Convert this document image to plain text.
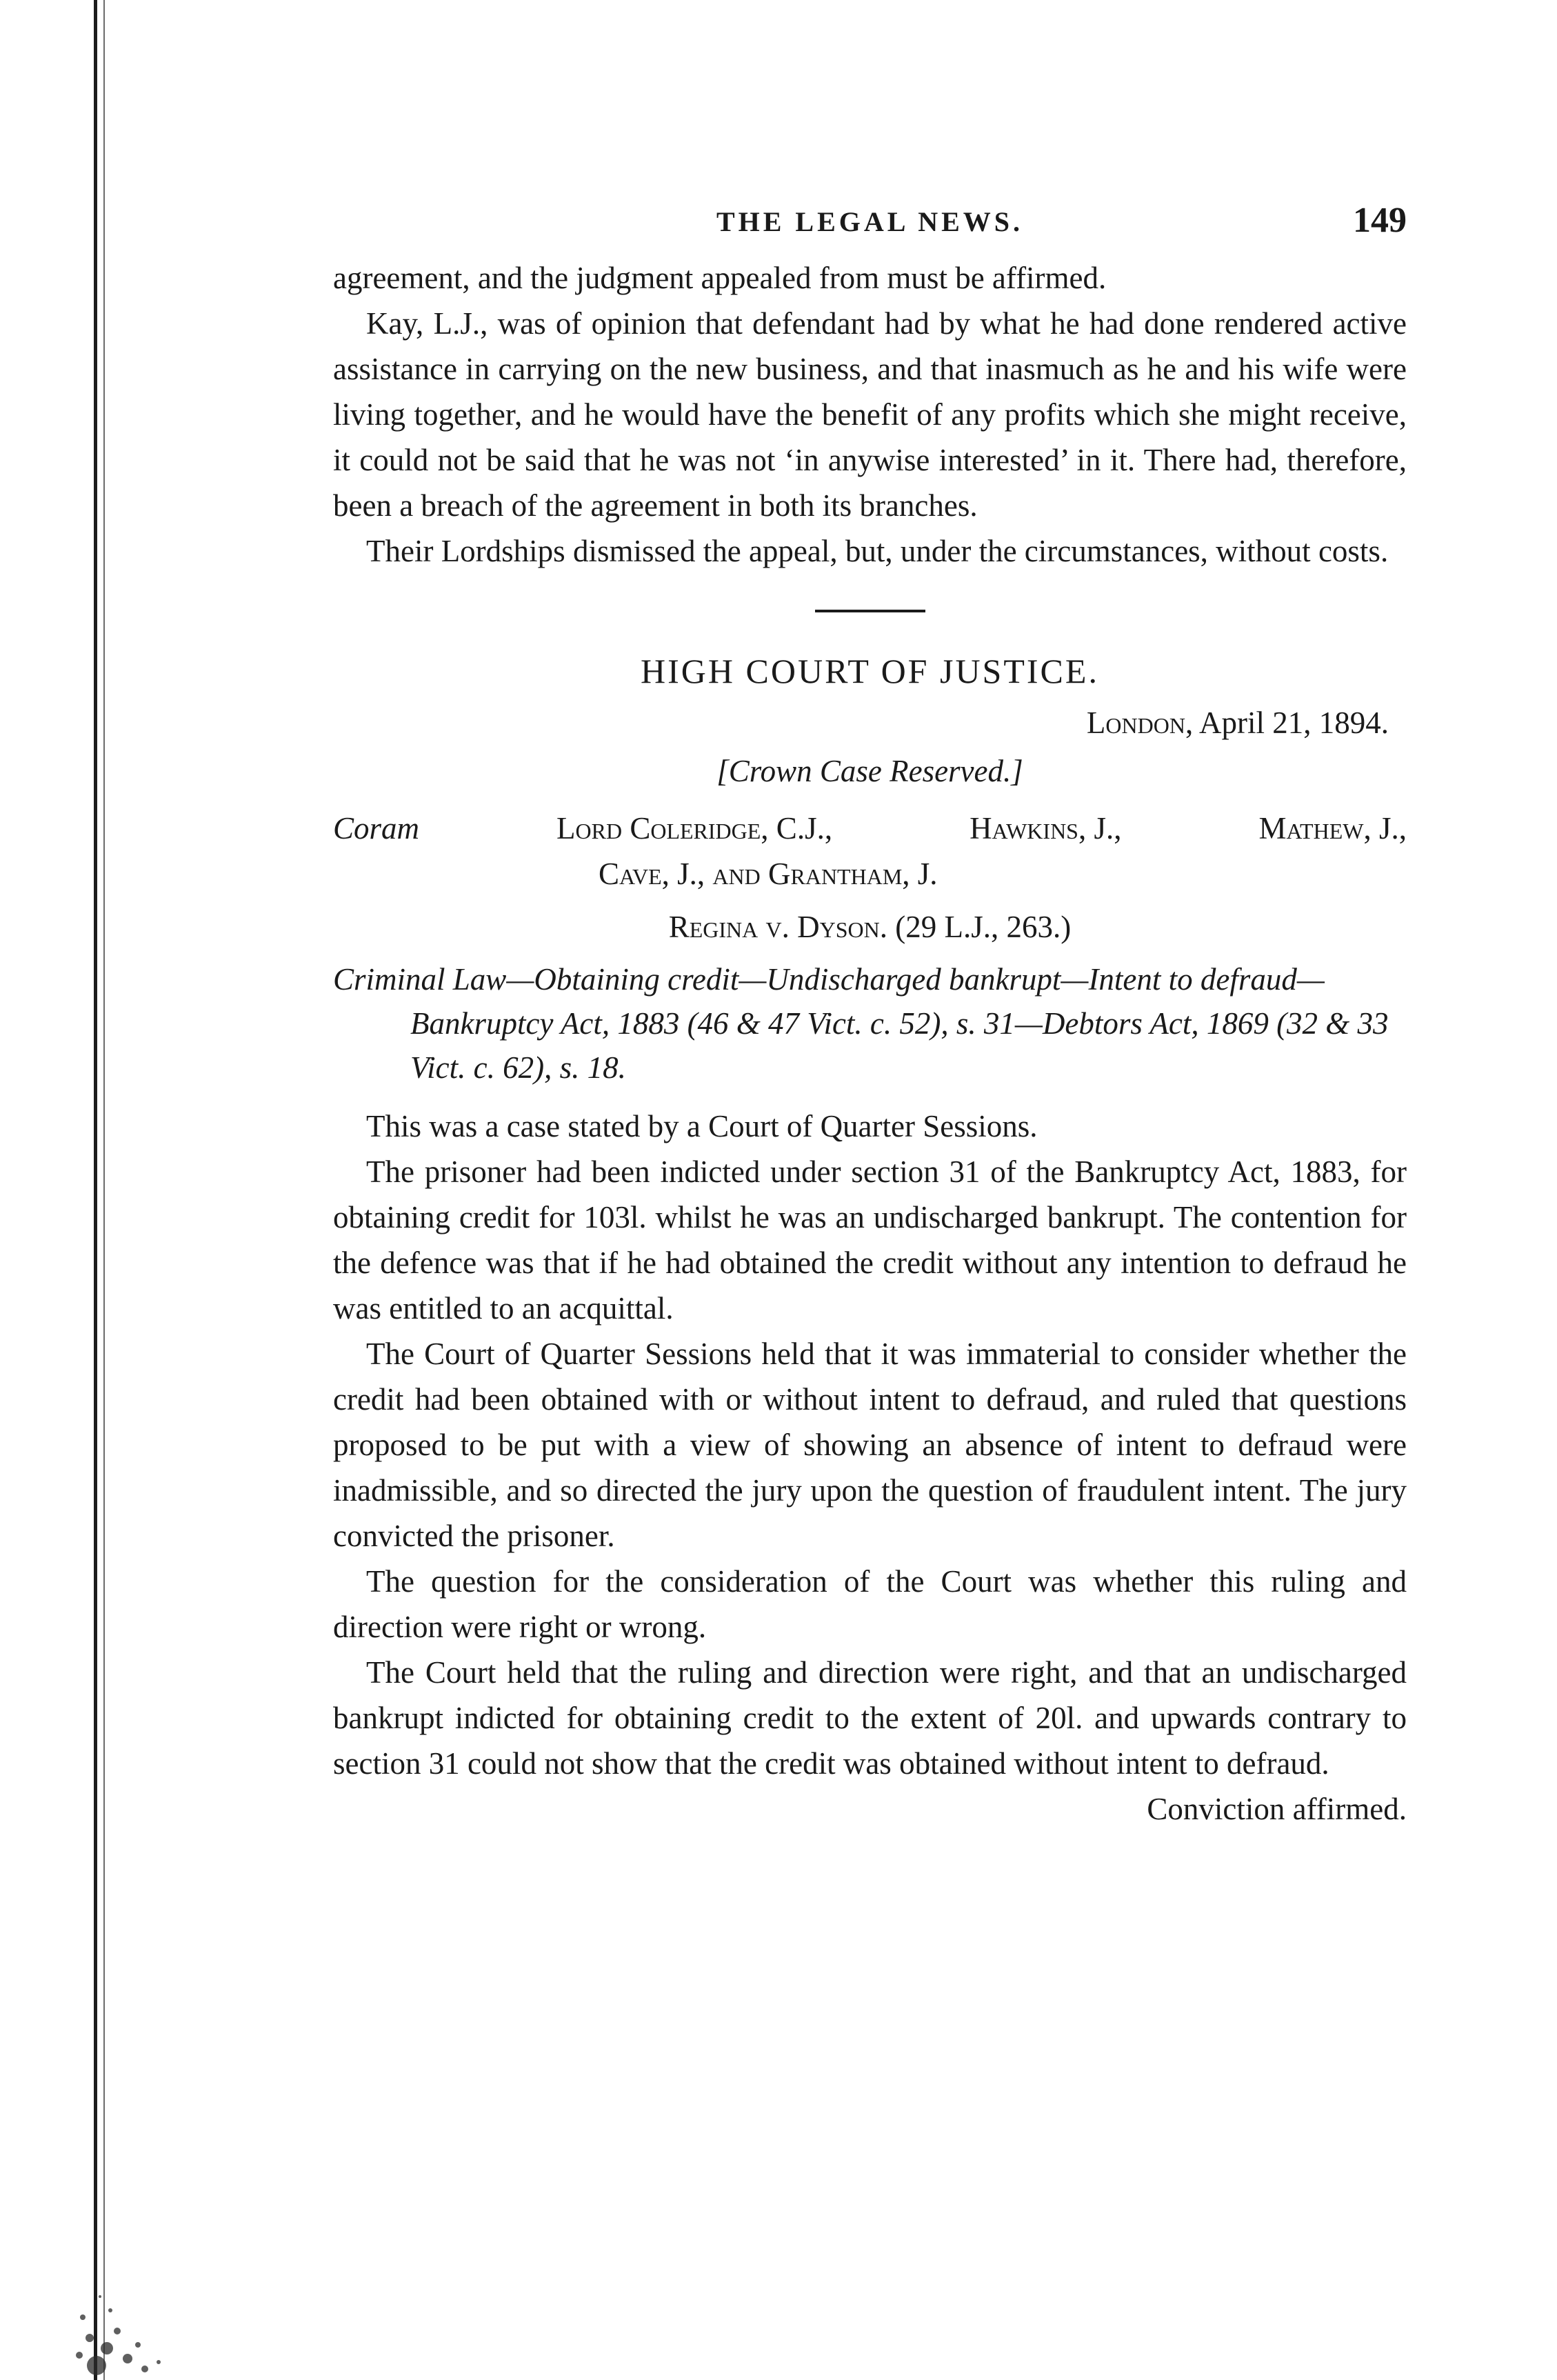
THE LEGAL NEWS.	149

agreement, and the judgment appealed from must be affirmed.

Kay, L.J., was of opinion that defendant had by what he had done rendered active assistance in carrying on the new business, and that inasmuch as he and his wife were living together, and he would have the benefit of any profits which she might receive, it could not be said that he was not ‘in anywise interested’ in it. There had, therefore, been a breach of the agreement in both its branches.

Their Lordships dismissed the appeal, but, under the circumstances, without costs.

HIGH COURT OF JUSTICE.
London, April 21, 1894.
[Crown Case Reserved.]
Coram	Lord Coleridge, C.J.,	Hawkins, J.,	Mathew, J.,
Cave, J., and Grantham, J.
Regina v. Dyson. (29 L.J., 263.)
Criminal Law—Obtaining credit—Undischarged bankrupt—Intent to defraud—Bankruptcy Act, 1883 (46 & 47 Vict. c. 52), s. 31—Debtors Act, 1869 (32 & 33 Vict. c. 62), s. 18.

This was a case stated by a Court of Quarter Sessions.

The prisoner had been indicted under section 31 of the Bankruptcy Act, 1883, for obtaining credit for 103l. whilst he was an undischarged bankrupt. The contention for the defence was that if he had obtained the credit without any intention to defraud he was entitled to an acquittal.

The Court of Quarter Sessions held that it was immaterial to consider whether the credit had been obtained with or without intent to defraud, and ruled that questions proposed to be put with a view of showing an absence of intent to defraud were inadmissible, and so directed the jury upon the question of fraudulent intent. The jury convicted the prisoner.

The question for the consideration of the Court was whether this ruling and direction were right or wrong.

The Court held that the ruling and direction were right, and that an undischarged bankrupt indicted for obtaining credit to the extent of 20l. and upwards contrary to section 31 could not show that the credit was obtained without intent to defraud.

Conviction affirmed.
